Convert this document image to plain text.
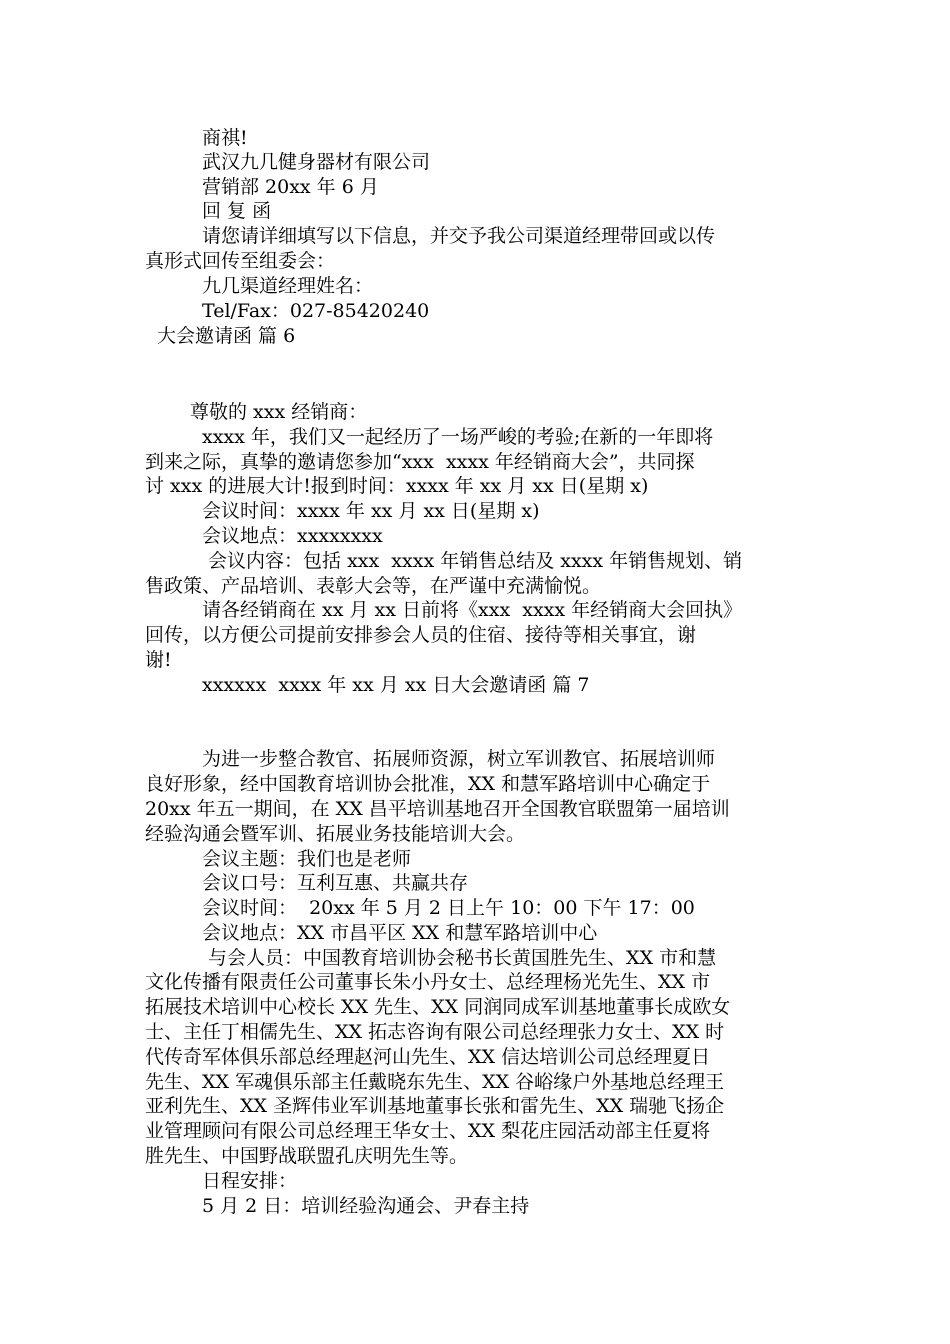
商祺!
武汉九几健身器材有限公司
营销部 20xx 年 6 月
回 复 函
请您请详细填写以下信息，并交予我公司渠道经理带回或以传
真形式回传至组委会：
九几渠道经理姓名：
Tel/Fax：027-85420240
大会邀请函 篇 6
尊敬的 xxx 经销商：
xxxx 年，我们又一起经历了一场严峻的考验;在新的一年即将
到来之际，真挚的邀请您参加“xxx  xxxx 年经销商大会”，共同探
讨 xxx 的进展大计!报到时间：xxxx 年 xx 月 xx 日(星期 x)
会议时间：xxxx 年 xx 月 xx 日(星期 x)
会议地点：xxxxxxxx
会议内容：包括 xxx  xxxx 年销售总结及 xxxx 年销售规划、销
售政策、产品培训、表彰大会等，在严谨中充满愉悦。
请各经销商在 xx 月 xx 日前将《xxx  xxxx 年经销商大会回执》
回传，以方便公司提前安排参会人员的住宿、接待等相关事宜，谢
谢!
xxxxxx  xxxx 年 xx 月 xx 日大会邀请函 篇 7
为进一步整合教官、拓展师资源，树立军训教官、拓展培训师
良好形象，经中国教育培训协会批准，XX 和慧军路培训中心确定于
20xx 年五一期间，在 XX 昌平培训基地召开全国教官联盟第一届培训
经验沟通会暨军训、拓展业务技能培训大会。
会议主题：我们也是老师
会议口号：互利互惠、共赢共存
会议时间：  20xx 年 5 月 2 日上午 10：00 下午 17：00
会议地点：XX 市昌平区 XX 和慧军路培训中心
与会人员：中国教育培训协会秘书长黄国胜先生、XX 市和慧
文化传播有限责任公司董事长朱小丹女士、总经理杨光先生、XX 市
拓展技术培训中心校长 XX 先生、XX 同润同成军训基地董事长成欧女
士、主任丁相儒先生、XX 拓志咨询有限公司总经理张力女士、XX 时
代传奇军体俱乐部总经理赵河山先生、XX 信达培训公司总经理夏日
先生、XX 军魂俱乐部主任戴晓东先生、XX 谷峪缘户外基地总经理王
亚利先生、XX 圣辉伟业军训基地董事长张和雷先生、XX 瑞驰飞扬企
业管理顾问有限公司总经理王华女士、XX 梨花庄园活动部主任夏将
胜先生、中国野战联盟孔庆明先生等。
日程安排：
5 月 2 日：培训经验沟通会、尹春主持
